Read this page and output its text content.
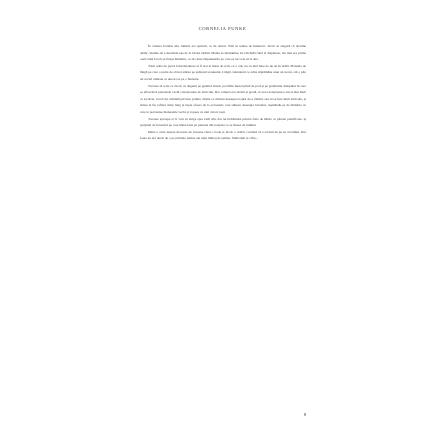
CORNELIA FUNKE

În camera fratelui său, lumina era aprinsă, ca de obicei. Will se temea de întuneric. Jacob se asigură că doarme adânc, înainte de a deschide ușa de la biroul tatălui. Mama se mulțumise să-l închidă când el dispăruse, dar mai era prima oară când Jacob se furișa înăuntru, ca să caute răspunsurile pe care ea nu voia să le dea.

Totul arăta de parcă John Reckless ar fi stat la masa de scris cu o oră, nu cu mai bine de un an în urmă. Plansele de lângă pe care o purta de obicei atârna pe spătarul scaunului. Lângă calendarul ce arăta săptămâna unui an trecut, stă o pile de cecuri aliniate ce uneori se pe o fantezie.

Trecuse să scrie ce Jacob cu degetul pe geamul aburit, pe tăblia mesei plină de praf și pe geamurile dulapului în care se aflau încă pistoalele vechi colecționate de tatăl său. Dar camera era tăcută și goală, el avea doisprezece ani și mai mult ca să tăcut. Jacob își cufundă privirea printre cărțile ce stăteau deasupra nopții de-a rândul, sau să se fure mult tatăl său, și stătea la fie rafturi, timp lung și rupte sfoara de la avioanele care stăteau deasupra biroului, rușinându-se de mândria cu care le prevenise manualele vechi și vopsea cu ulei culori roșii.

Trecuse aproape ar fi vrut să strige spre tatăl său, dar nu îndrăznise printre foile de hârtie ce păreau pietrificate, și sprijinul de fereastră pe care bătea luna pe pietrele din noaptea ce se lăsase de lumină.

Dintr-o carte despre motoare de avioane căzu o foaie și Jacob o ridică, crezând că e scrisul de pe ea al tatălui. Dar foaia nu era decât de o pe primele semne ale unui limbaj de semne. Simboluri și cifre...

8
